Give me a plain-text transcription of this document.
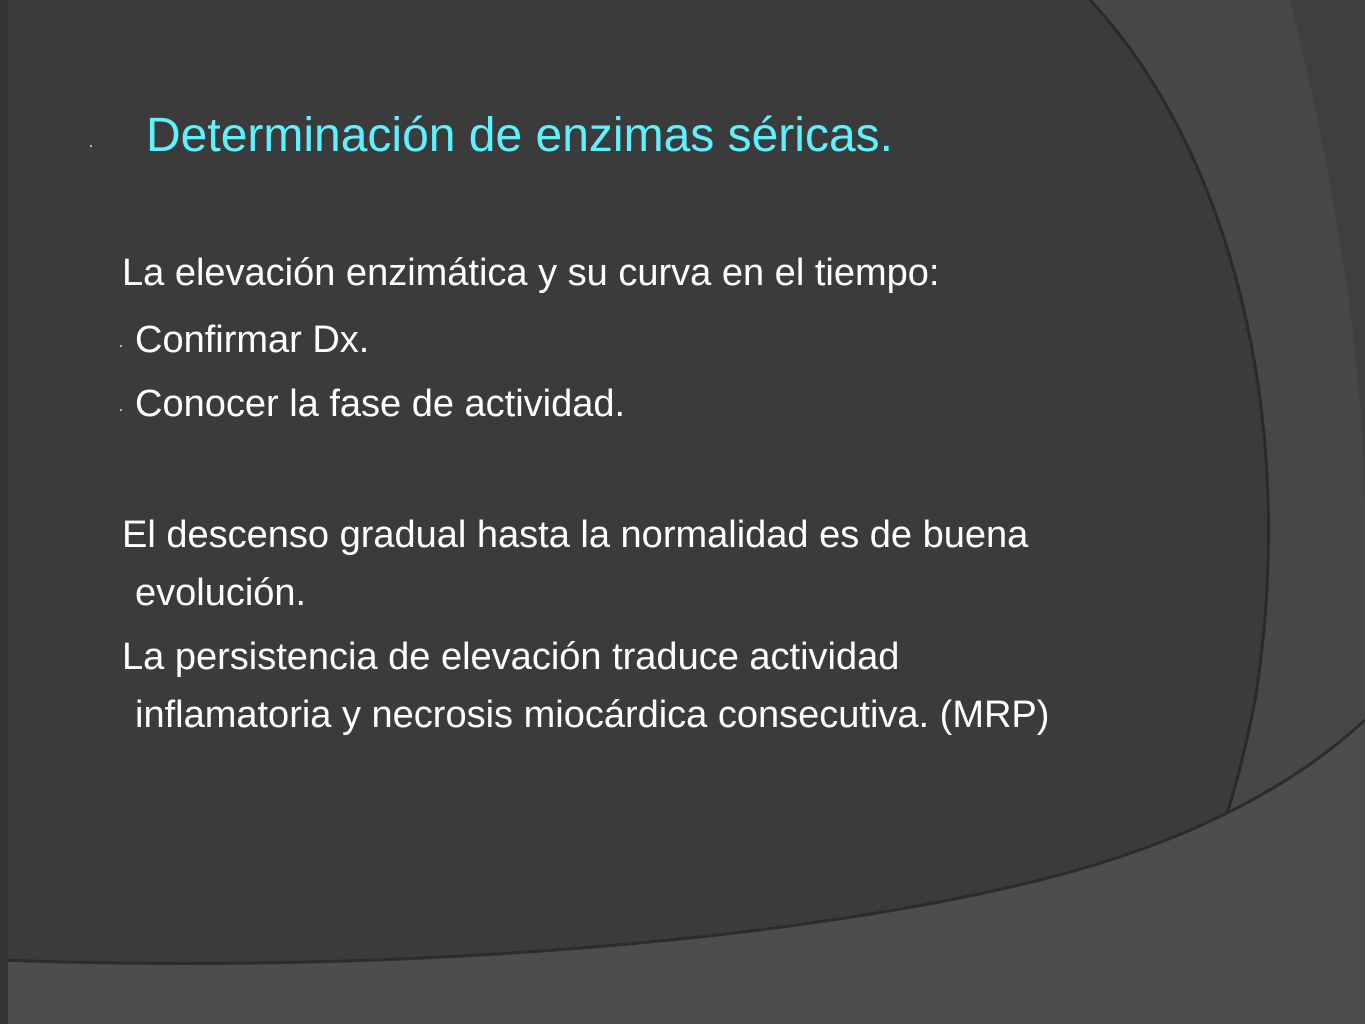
· Determinación de enzimas séricas.
La elevación enzimática y su curva en el tiempo:
· Confirmar Dx.
· Conocer la fase de actividad.
El descenso gradual hasta la normalidad es de buena
evolución.
La persistencia de elevación traduce actividad
inflamatoria y necrosis miocárdica consecutiva. (MRP)
